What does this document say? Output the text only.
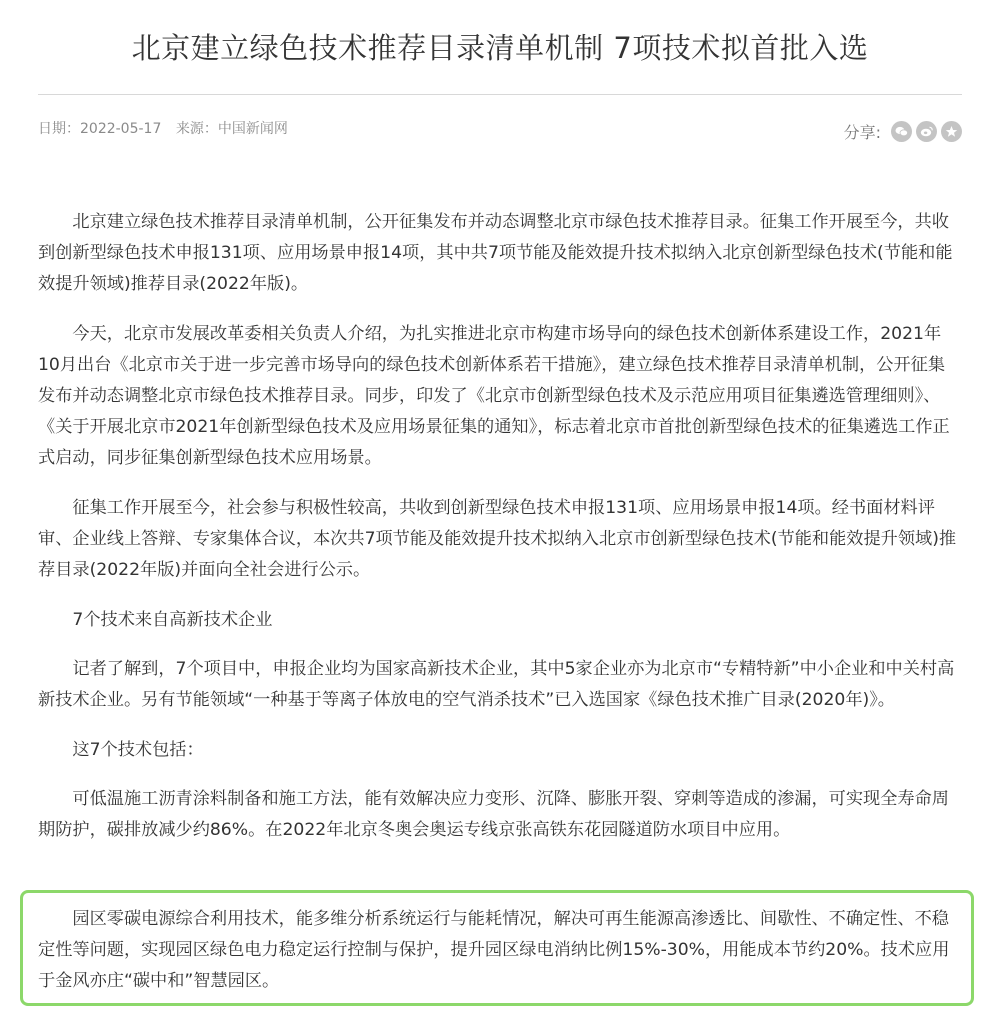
北京建立绿色技术推荐目录清单机制 7项技术拟首批入选
日期：2022-05-17 来源：中国新闻网	分享:

北京建立绿色技术推荐目录清单机制，公开征集发布并动态调整北京市绿色技术推荐目录。征集工作开展至今，共收到创新型绿色技术申报131项、应用场景申报14项，其中共7项节能及能效提升技术拟纳入北京创新型绿色技术(节能和能效提升领域)推荐目录(2022年版)。

今天，北京市发展改革委相关负责人介绍，为扎实推进北京市构建市场导向的绿色技术创新体系建设工作，2021年10月出台《北京市关于进一步完善市场导向的绿色技术创新体系若干措施》，建立绿色技术推荐目录清单机制，公开征集发布并动态调整北京市绿色技术推荐目录。同步，印发了《北京市创新型绿色技术及示范应用项目征集遴选管理细则》、《关于开展北京市2021年创新型绿色技术及应用场景征集的通知》，标志着北京市首批创新型绿色技术的征集遴选工作正式启动，同步征集创新型绿色技术应用场景。

征集工作开展至今，社会参与积极性较高，共收到创新型绿色技术申报131项、应用场景申报14项。经书面材料评审、企业线上答辩、专家集体合议，本次共7项节能及能效提升技术拟纳入北京市创新型绿色技术(节能和能效提升领域)推荐目录(2022年版)并面向全社会进行公示。

7个技术来自高新技术企业

记者了解到，7个项目中，申报企业均为国家高新技术企业，其中5家企业亦为北京市“专精特新”中小企业和中关村高新技术企业。另有节能领域“一种基于等离子体放电的空气消杀技术”已入选国家《绿色技术推广目录(2020年)》。

这7个技术包括：

可低温施工沥青涂料制备和施工方法，能有效解决应力变形、沉降、膨胀开裂、穿刺等造成的渗漏，可实现全寿命周期防护，碳排放减少约86%。在2022年北京冬奥会奥运专线京张高铁东花园隧道防水项目中应用。

园区零碳电源综合利用技术，能多维分析系统运行与能耗情况，解决可再生能源高渗透比、间歇性、不确定性、不稳定性等问题，实现园区绿色电力稳定运行控制与保护，提升园区绿电消纳比例15%-30%，用能成本节约20%。技术应用于金风亦庄“碳中和”智慧园区。
